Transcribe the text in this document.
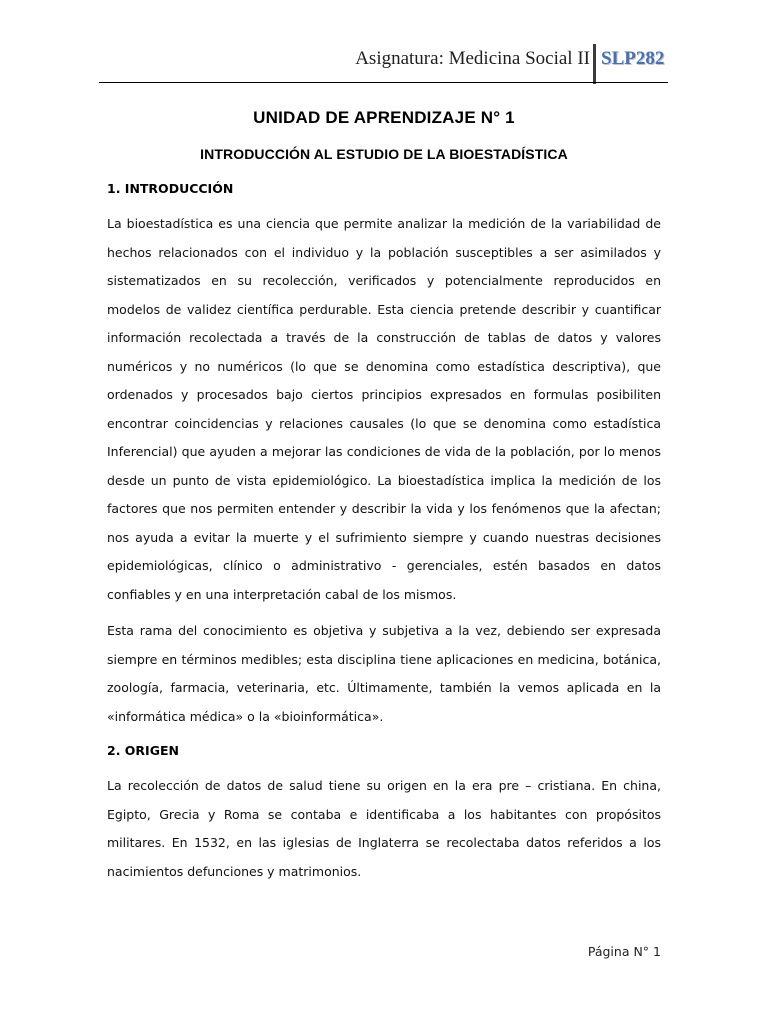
Asignatura: Medicina Social II SLP282
UNIDAD DE APRENDIZAJE N° 1
INTRODUCCIÓN AL ESTUDIO DE LA BIOESTADÍSTICA

1. INTRODUCCIÓN

La bioestadística es una ciencia que permite analizar la medición de la variabilidad de hechos relacionados con el individuo y la población susceptibles a ser asimilados y sistematizados en su recolección, verificados y potencialmente reproducidos en modelos de validez científica perdurable. Esta ciencia pretende describir y cuantificar información recolectada a través de la construcción de tablas de datos y valores numéricos y no numéricos (lo que se denomina como estadística descriptiva), que ordenados y procesados bajo ciertos principios expresados en formulas posibiliten encontrar coincidencias y relaciones causales (lo que se denomina como estadística Inferencial) que ayuden a mejorar las condiciones de vida de la población, por lo menos desde un punto de vista epidemiológico. La bioestadística implica la medición de los factores que nos permiten entender y describir la vida y los fenómenos que la afectan; nos ayuda a evitar la muerte y el sufrimiento siempre y cuando nuestras decisiones epidemiológicas, clínico o administrativo - gerenciales, estén basados en datos confiables y en una interpretación cabal de los mismos.

Esta rama del conocimiento es objetiva y subjetiva a la vez, debiendo ser expresada siempre en términos medibles; esta disciplina tiene aplicaciones en medicina, botánica, zoología, farmacia, veterinaria, etc. Últimamente, también la vemos aplicada en la «informática médica» o la «bioinformática».

2. ORIGEN

La recolección de datos de salud tiene su origen en la era pre – cristiana. En china, Egipto, Grecia y Roma se contaba e identificaba a los habitantes con propósitos militares. En 1532, en las iglesias de Inglaterra se recolectaba datos referidos a los nacimientos defunciones y matrimonios.

Página N° 1
